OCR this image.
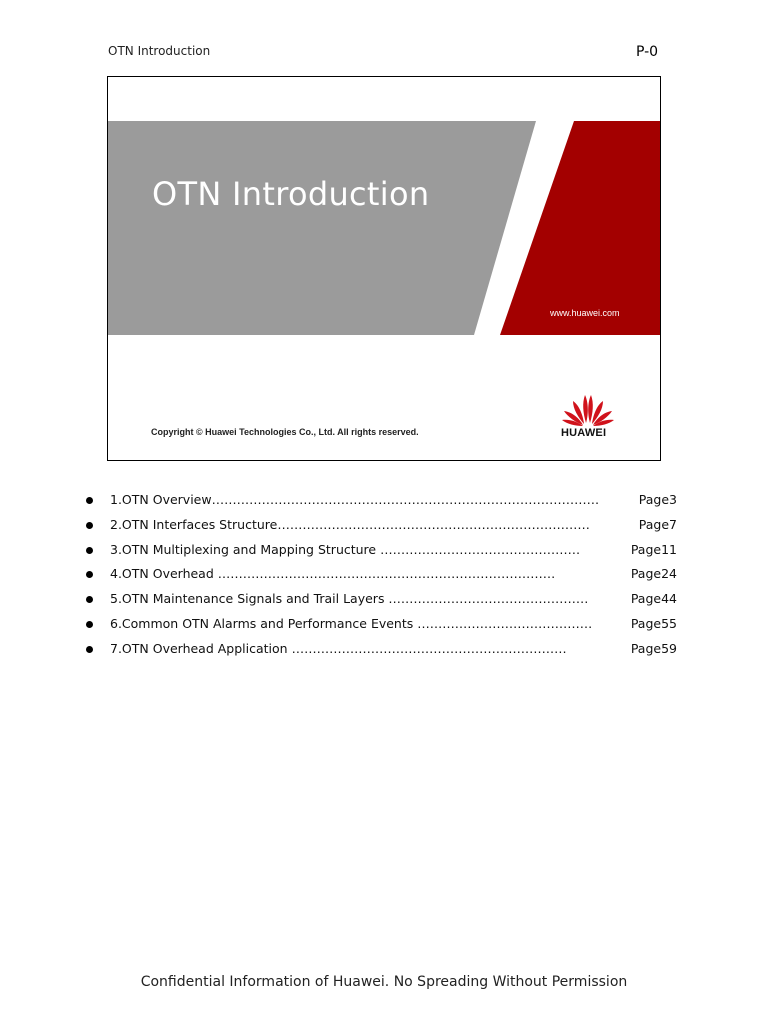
OTN Introduction	P-0
OTN Introduction
www.huawei.com
Copyright © Huawei Technologies Co., Ltd. All rights reserved.	HUAWEI
1.OTN Overview…………………………………………………………………………………	Page3
2.OTN Interfaces Structure…………………………………………………………………	Page7
3.OTN Multiplexing and Mapping Structure …………………………………………	Page11
4.OTN Overhead ………………………………………………………………………	Page24
5.OTN Maintenance Signals and Trail Layers …………………………………………	Page44
6.Common OTN Alarms and Performance Events ……………………………………	Page55
7.OTN Overhead Application …………………………………………………………	Page59
Confidential Information of Huawei. No Spreading Without Permission
